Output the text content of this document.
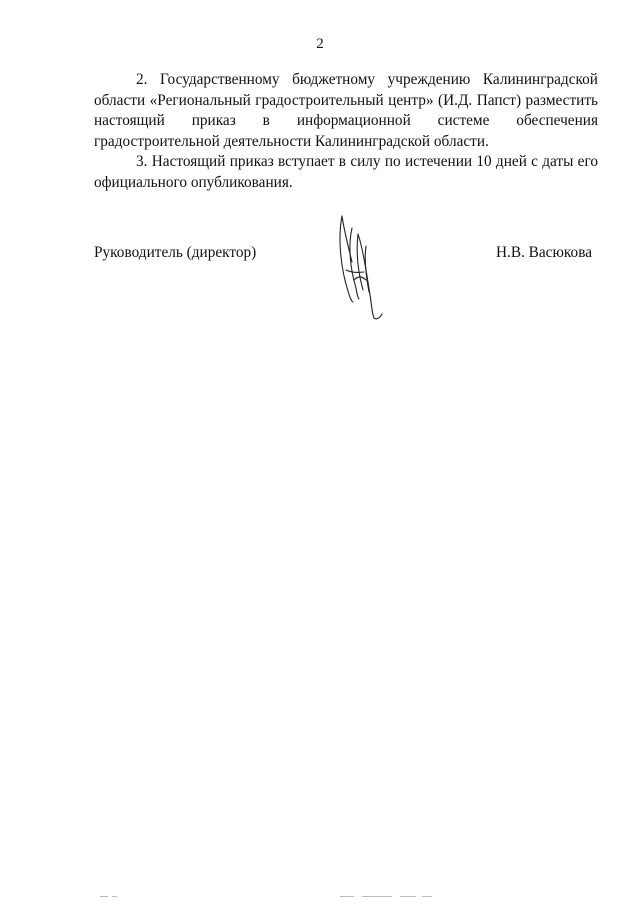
2

2. Государственному бюджетному учреждению Калининградской области «Региональный градостроительный центр» (И.Д. Папст) разместить настоящий приказ в информационной системе обеспечения градостроительной деятельности Калининградской области.

3. Настоящий приказ вступает в силу по истечении 10 дней с даты его официального опубликования.

Руководитель (директор)	Н.В. Васюкова
